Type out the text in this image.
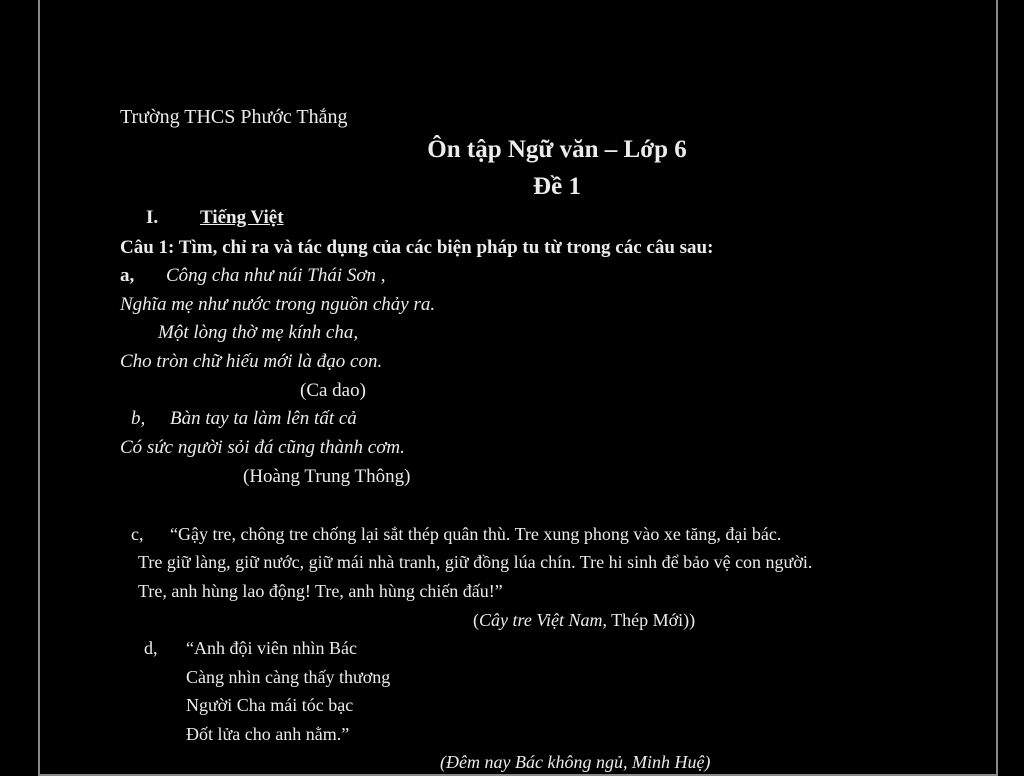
Trường THCS Phước Thắng
Ôn tập Ngữ văn – Lớp 6
Đề 1
I. Tiếng Việt
Câu 1: Tìm, chỉ ra và tác dụng của các biện pháp tu từ trong các câu sau:
a, Công cha như núi Thái Sơn ,
Nghĩa mẹ như nước trong nguồn chảy ra.
Một lòng thờ mẹ kính cha,
Cho tròn chữ hiếu mới là đạo con.
(Ca dao)
b, Bàn tay ta làm lên tất cả
Có sức người sỏi đá cũng thành cơm.
(Hoàng Trung Thông)
c, “Gậy tre, chông tre chống lại sắt thép quân thù. Tre xung phong vào xe tăng, đại bác.
Tre giữ làng, giữ nước, giữ mái nhà tranh, giữ đồng lúa chín. Tre hi sinh để bảo vệ con người.
Tre, anh hùng lao động! Tre, anh hùng chiến đấu!”
(Cây tre Việt Nam, Thép Mới))
d, “Anh đội viên nhìn Bác
Càng nhìn càng thấy thương
Người Cha mái tóc bạc
Đốt lửa cho anh nằm.”
(Đêm nay Bác không ngủ, Minh Huệ)
